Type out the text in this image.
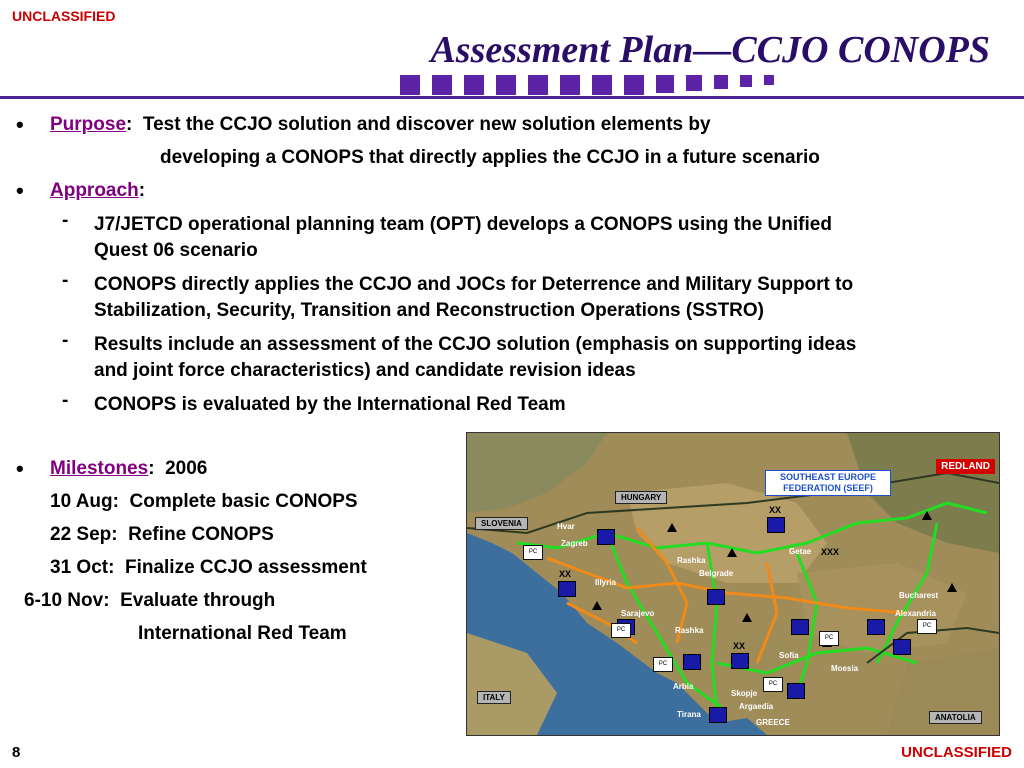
UNCLASSIFIED
Assessment Plan—CCJO CONOPS
• Purpose:  Test the CCJO solution and discover new solution elements by
developing a CONOPS that directly applies the CCJO in a future scenario
• Approach:
- J7/JETCD operational planning team (OPT) develops a CONOPS using the Unified
Quest 06 scenario
- CONOPS directly applies the CCJO and JOCs for Deterrence and Military Support to
Stabilization, Security, Transition and Reconstruction Operations (SSTRO)
- Results include an assessment of the CCJO solution (emphasis on supporting ideas
and joint force characteristics) and candidate revision ideas
- CONOPS is evaluated by the International Red Team
• Milestones:  2006
10 Aug:  Complete basic CONOPS
22 Sep:  Refine CONOPS
31 Oct:  Finalize CCJO assessment
6-10 Nov:  Evaluate through
International Red Team
REDLAND
SOUTHEAST EUROPE FEDERATION (SEEF)
HUNGARY
SLOVENIA
ITALY
ANATOLIA
GREECE
Hvar
Zagreb
Rashka
Belgrade
Illyria
Sarajevo
Rashka
Getae
Bucharest
Alexandria
Sofia
Moesia
Arbia
Skopje
Argaedia
Tirana
XX
XX
XX
XXX
PC
PC
PC
PC
PC
PC
8	UNCLASSIFIED
